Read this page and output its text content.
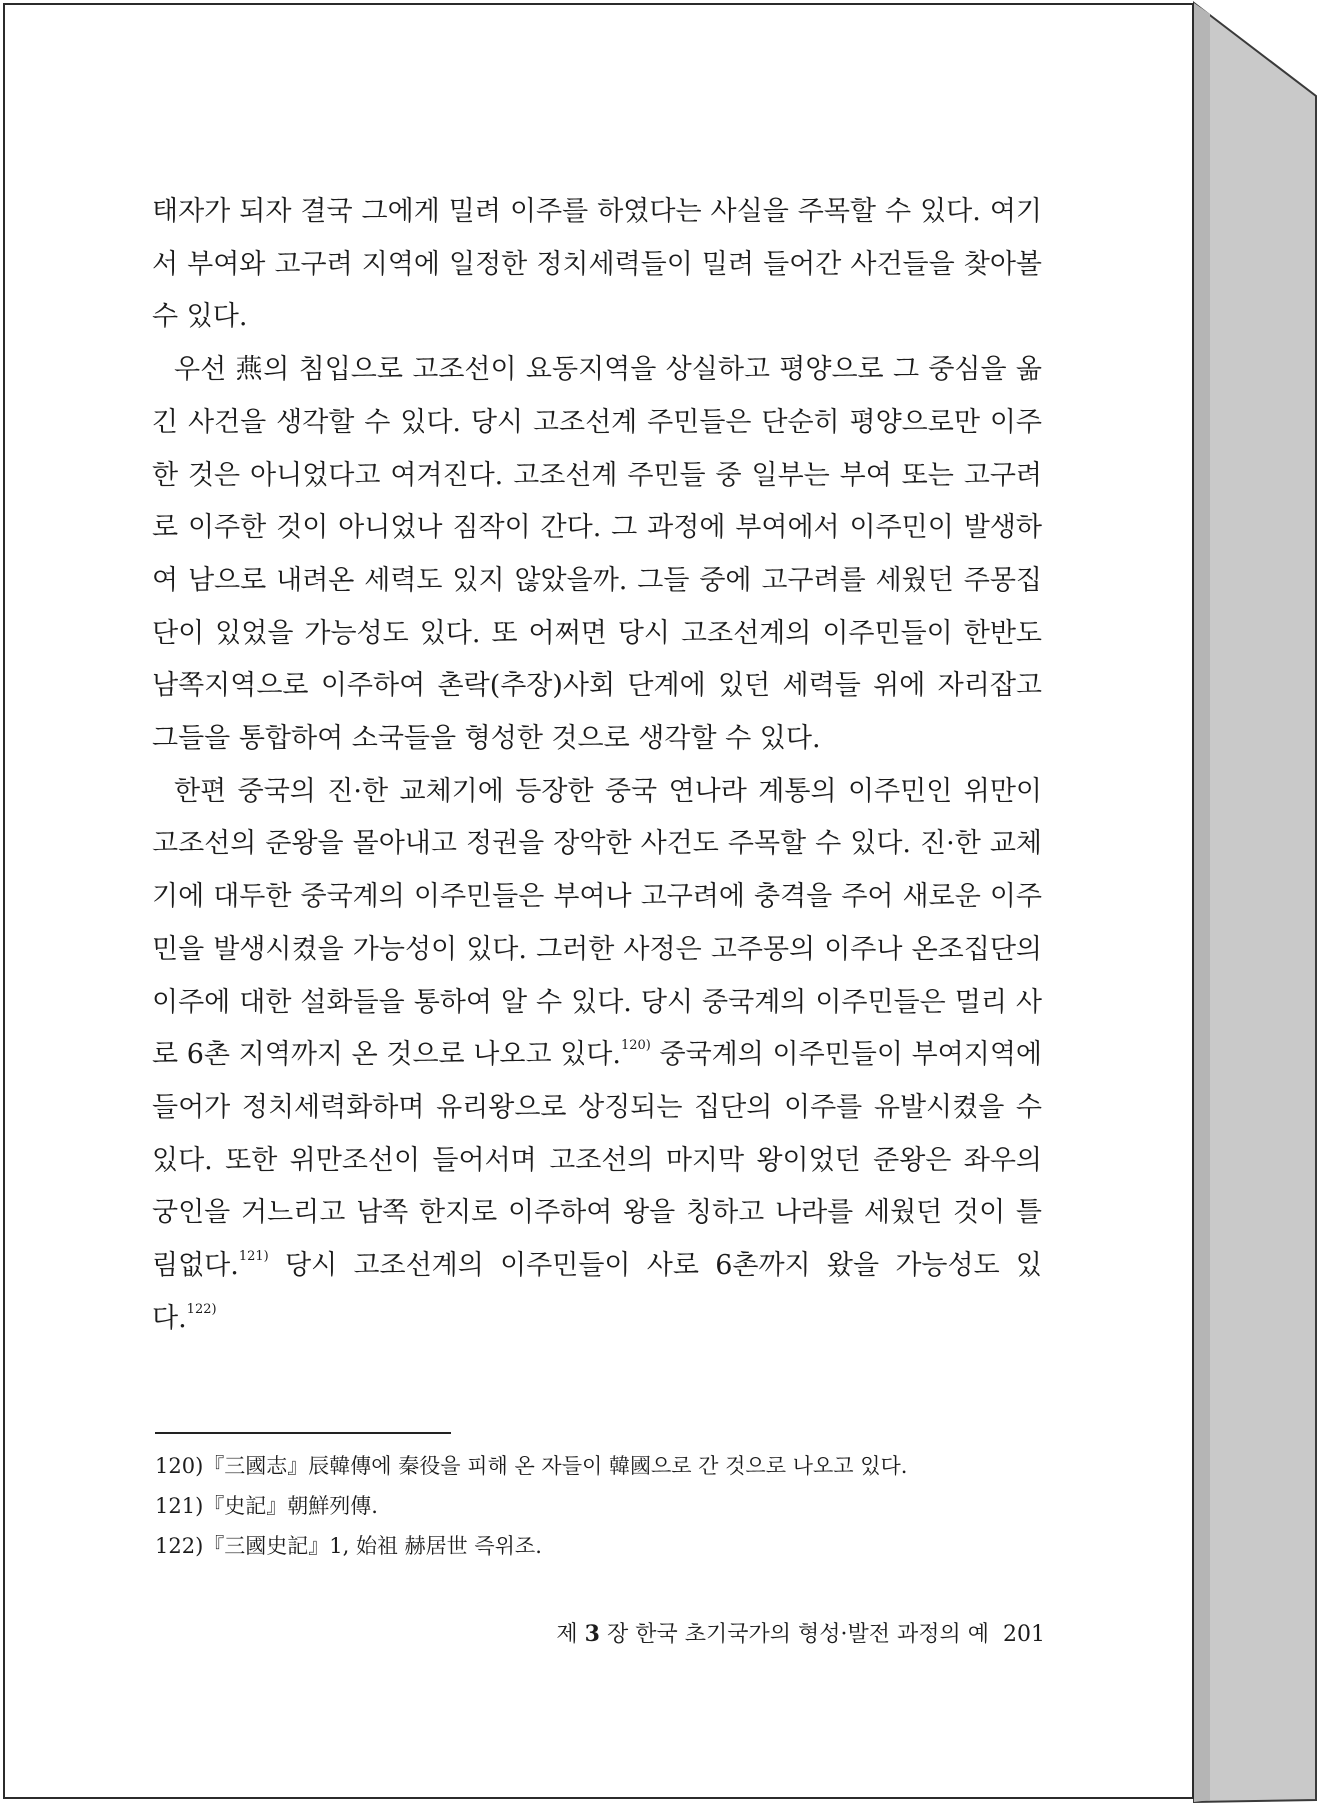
태자가 되자 결국 그에게 밀려 이주를 하였다는 사실을 주목할 수 있다. 여기서 부여와 고구려 지역에 일정한 정치세력들이 밀려 들어간 사건들을 찾아볼 수 있다.

우선 燕의 침입으로 고조선이 요동지역을 상실하고 평양으로 그 중심을 옮긴 사건을 생각할 수 있다. 당시 고조선계 주민들은 단순히 평양으로만 이주한 것은 아니었다고 여겨진다. 고조선계 주민들 중 일부는 부여 또는 고구려로 이주한 것이 아니었나 짐작이 간다. 그 과정에 부여에서 이주민이 발생하여 남으로 내려온 세력도 있지 않았을까. 그들 중에 고구려를 세웠던 주몽집단이 있었을 가능성도 있다. 또 어쩌면 당시 고조선계의 이주민들이 한반도 남쪽지역으로 이주하여 촌락(추장)사회 단계에 있던 세력들 위에 자리잡고 그들을 통합하여 소국들을 형성한 것으로 생각할 수 있다.

한편 중국의 진·한 교체기에 등장한 중국 연나라 계통의 이주민인 위만이 고조선의 준왕을 몰아내고 정권을 장악한 사건도 주목할 수 있다. 진·한 교체기에 대두한 중국계의 이주민들은 부여나 고구려에 충격을 주어 새로운 이주민을 발생시켰을 가능성이 있다. 그러한 사정은 고주몽의 이주나 온조집단의 이주에 대한 설화들을 통하여 알 수 있다. 당시 중국계의 이주민들은 멀리 사로 6촌 지역까지 온 것으로 나오고 있다.$^{120)}$ 중국계의 이주민들이 부여지역에 들어가 정치세력화하며 유리왕으로 상징되는 집단의 이주를 유발시켰을 수 있다. 또한 위만조선이 들어서며 고조선의 마지막 왕이었던 준왕은 좌우의 궁인을 거느리고 남쪽 한지로 이주하여 왕을 칭하고 나라를 세웠던 것이 틀림없다.$^{121)}$ 당시 고조선계의 이주민들이 사로 6촌까지 왔을 가능성도 있다.$^{122)}$

120)『三國志』辰韓傳에 秦役을 피해 온 자들이 韓國으로 간 것으로 나오고 있다.
121)『史記』朝鮮列傳.
122)『三國史記』1, 始祖 赫居世 즉위조.
제 3 장 한국 초기국가의 형성·발전 과정의 예 201
